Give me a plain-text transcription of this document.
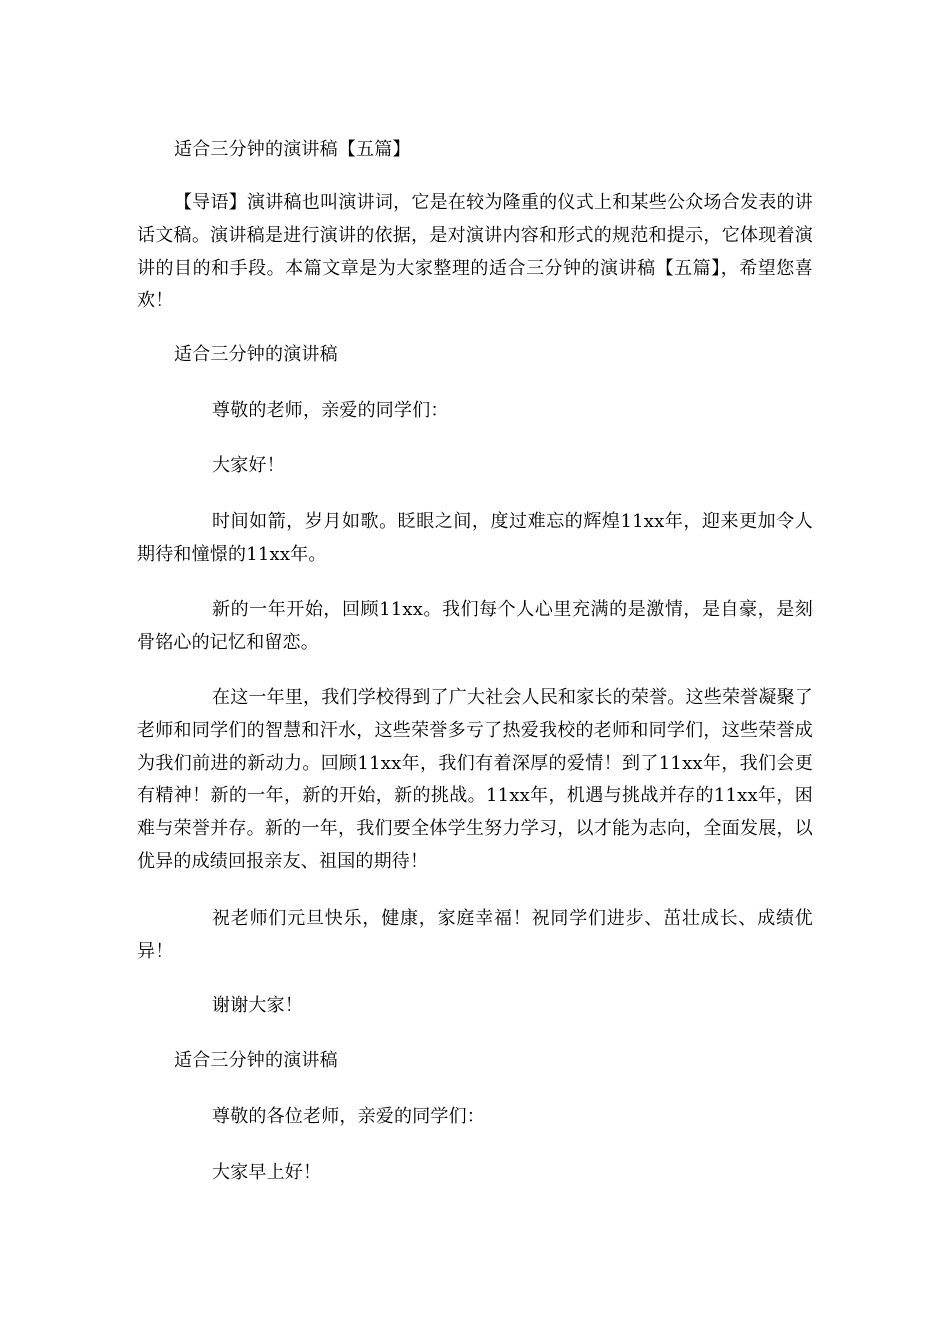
适合三分钟的演讲稿【五篇】

【导语】演讲稿也叫演讲词，它是在较为隆重的仪式上和某些公众场合发表的讲话文稿。演讲稿是进行演讲的依据，是对演讲内容和形式的规范和提示，它体现着演讲的目的和手段。本篇文章是为大家整理的适合三分钟的演讲稿【五篇】，希望您喜欢！

适合三分钟的演讲稿

尊敬的老师，亲爱的同学们：

大家好！

时间如箭，岁月如歌。眨眼之间，度过难忘的辉煌11xx年，迎来更加令人期待和憧憬的11xx年。

新的一年开始，回顾11xx。我们每个人心里充满的是激情，是自豪，是刻骨铭心的记忆和留恋。

在这一年里，我们学校得到了广大社会人民和家长的荣誉。这些荣誉凝聚了老师和同学们的智慧和汗水，这些荣誉多亏了热爱我校的老师和同学们，这些荣誉成为我们前进的新动力。回顾11xx年，我们有着深厚的爱情！到了11xx年，我们会更有精神！新的一年，新的开始，新的挑战。11xx年，机遇与挑战并存的11xx年，困难与荣誉并存。新的一年，我们要全体学生努力学习，以才能为志向，全面发展，以优异的成绩回报亲友、祖国的期待！

祝老师们元旦快乐，健康，家庭幸福！祝同学们进步、茁壮成长、成绩优异！

谢谢大家！

适合三分钟的演讲稿

尊敬的各位老师，亲爱的同学们：

大家早上好！
